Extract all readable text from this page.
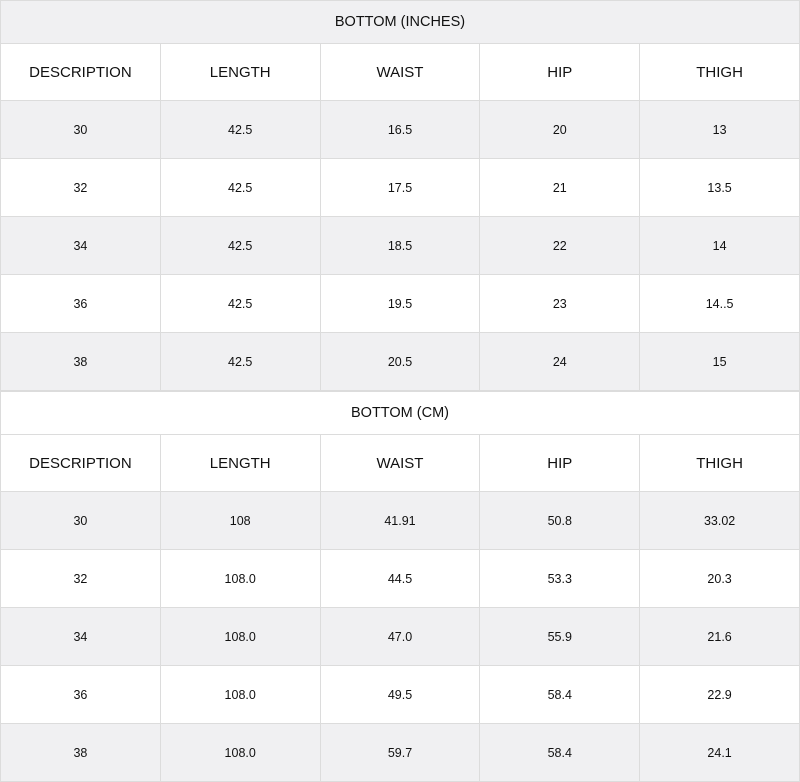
BOTTOM (INCHES)				
DESCRIPTION	LENGTH	WAIST	HIP	THIGH
30	42.5	16.5	20	13
32	42.5	17.5	21	13.5
34	42.5	18.5	22	14
36	42.5	19.5	23	14..5
38	42.5	20.5	24	15
BOTTOM (CM)				
DESCRIPTION	LENGTH	WAIST	HIP	THIGH
30	108	41.91	50.8	33.02
32	108.0	44.5	53.3	20.3
34	108.0	47.0	55.9	21.6
36	108.0	49.5	58.4	22.9
38	108.0	59.7	58.4	24.1
